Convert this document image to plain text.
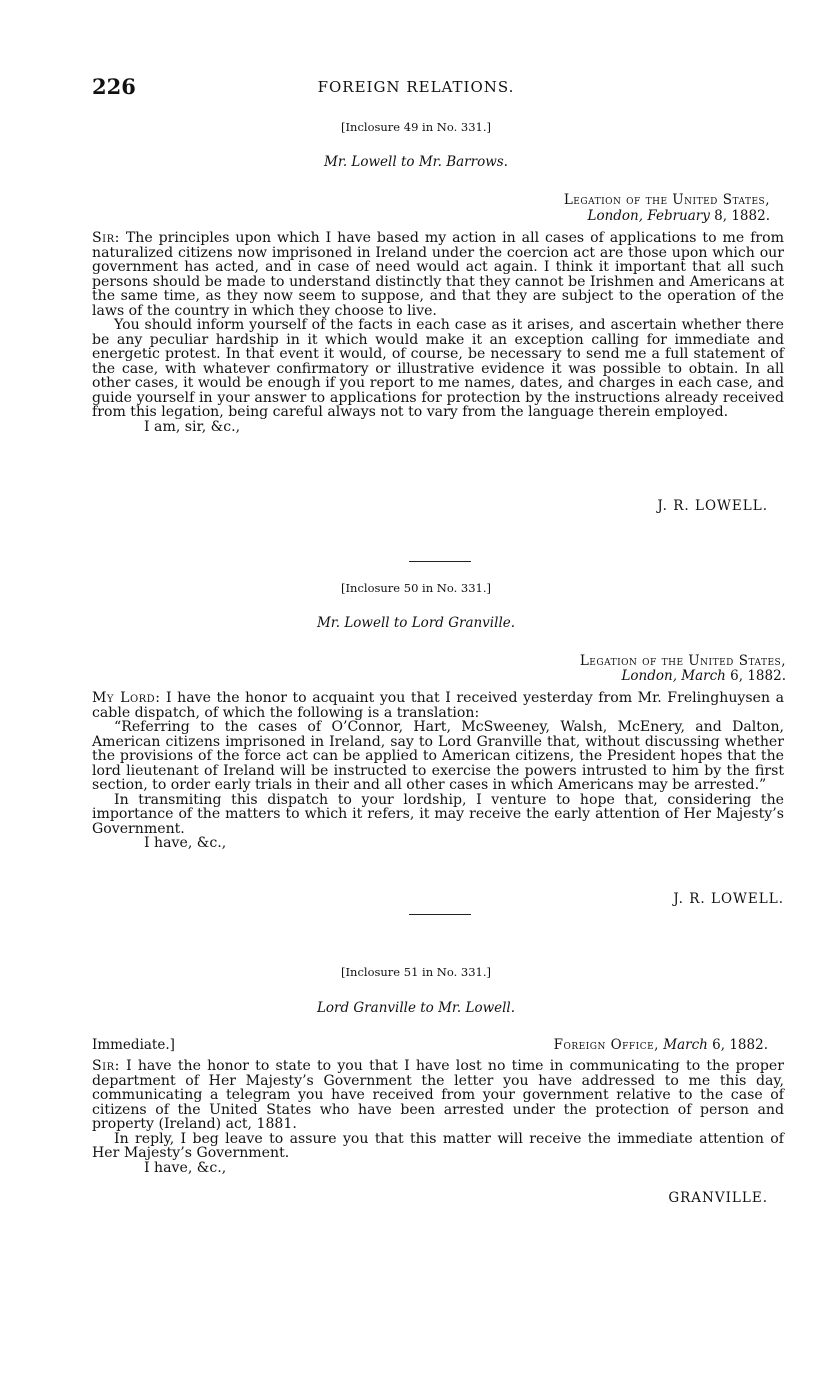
226	FOREIGN RELATIONS.
[Inclosure 49 in No. 331.]
Mr. Lowell to Mr. Barrows.
Legation of the United States,
London, February 8, 1882.

Sir: The principles upon which I have based my action in all cases of applications to me from naturalized citizens now imprisoned in Ireland under the coercion act are those upon which our government has acted, and in case of need would act again. I think it important that all such persons should be made to understand distinctly that they cannot be Irishmen and Americans at the same time, as they now seem to suppose, and that they are subject to the operation of the laws of the country in which they choose to live.

You should inform yourself of the facts in each case as it arises, and ascertain whether there be any peculiar hardship in it which would make it an exception calling for immediate and energetic protest. In that event it would, of course, be necessary to send me a full statement of the case, with whatever confirmatory or illustrative evidence it was possible to obtain. In all other cases, it would be enough if you report to me names, dates, and charges in each case, and guide yourself in your answer to applications for protection by the instructions already received from this legation, being careful always not to vary from the language therein employed.

I am, sir, &c.,

J. R. LOWELL.
[Inclosure 50 in No. 331.]
Mr. Lowell to Lord Granville.
Legation of the United States,
London, March 6, 1882.

My Lord: I have the honor to acquaint you that I received yesterday from Mr. Frelinghuysen a cable dispatch, of which the following is a translation:

“Referring to the cases of O’Connor, Hart, McSweeney, Walsh, McEnery, and Dalton, American citizens imprisoned in Ireland, say to Lord Granville that, without discussing whether the provisions of the force act can be applied to American citizens, the President hopes that the lord lieutenant of Ireland will be instructed to exercise the powers intrusted to him by the first section, to order early trials in their and all other cases in which Americans may be arrested.”

In transmiting this dispatch to your lordship, I venture to hope that, considering the importance of the matters to which it refers, it may receive the early attention of Her Majesty’s Government.

I have, &c.,

J. R. LOWELL.
[Inclosure 51 in No. 331.]
Lord Granville to Mr. Lowell.
Immediate.]	Foreign Office, March 6, 1882.

Sir: I have the honor to state to you that I have lost no time in communicating to the proper department of Her Majesty’s Government the letter you have addressed to me this day, communicating a telegram you have received from your government relative to the case of citizens of the United States who have been arrested under the protection of person and property (Ireland) act, 1881.

In reply, I beg leave to assure you that this matter will receive the immediate attention of Her Majesty’s Government.

I have, &c.,

GRANVILLE.
